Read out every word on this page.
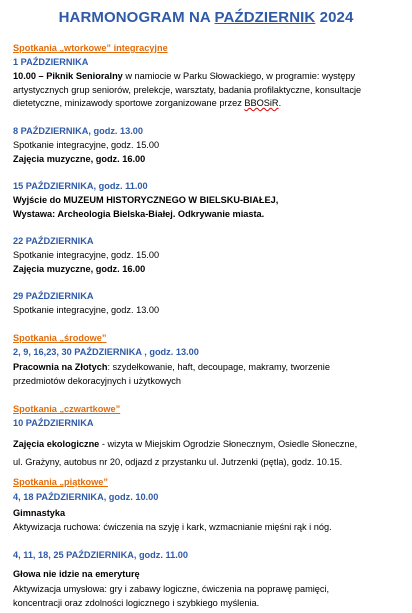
HARMONOGRAM NA PAŹDZIERNIK 2024
Spotkania „wtorkowe” integracyjne
1 PAŹDZIERNIKA
10.00 – Piknik Senioralny w namiocie w Parku Słowackiego, w programie: występy
artystycznych grup seniorów, prelekcje, warsztaty, badania profilaktyczne, konsultacje
dietetyczne, minizawody sportowe zorganizowane przez BBOSiR.
8 PAŹDZIERNIKA, godz. 13.00
Spotkanie integracyjne, godz. 15.00
Zajęcia muzyczne, godz. 16.00
15 PAŹDZIERNIKA, godz. 11.00
Wyjście do MUZEUM HISTORYCZNEGO W BIELSKU-BIAŁEJ,
Wystawa: Archeologia Bielska-Białej. Odkrywanie miasta.
22 PAŹDZIERNIKA
Spotkanie integracyjne, godz. 15.00
Zajęcia muzyczne, godz. 16.00
29 PAŹDZIERNIKA
Spotkanie integracyjne, godz. 13.00
Spotkania „środowe”
2, 9, 16,23, 30 PAŹDZIERNIKA , godz. 13.00
Pracownia na Złotych: szydełkowanie, haft, decoupage, makramy, tworzenie
przedmiotów dekoracyjnych i użytkowych
Spotkania „czwartkowe”
10 PAŹDZIERNIKA
Zajęcia ekologiczne - wizyta w Miejskim Ogrodzie Słonecznym, Osiedle Słoneczne,
ul. Grażyny, autobus nr 20, odjazd z przystanku ul. Jutrzenki (pętla), godz. 10.15.
Spotkania „piątkowe”
4, 18 PAŹDZIERNIKA, godz. 10.00
Gimnastyka
Aktywizacja ruchowa: ćwiczenia na szyję i kark, wzmacnianie mięśni rąk i nóg.
4, 11, 18, 25 PAŹDZIERNIKA, godz. 11.00
Głowa nie idzie na emeryturę
Aktywizacja umysłowa: gry i zabawy logiczne, ćwiczenia na poprawę pamięci,
koncentracji oraz zdolności logicznego i szybkiego myślenia.
